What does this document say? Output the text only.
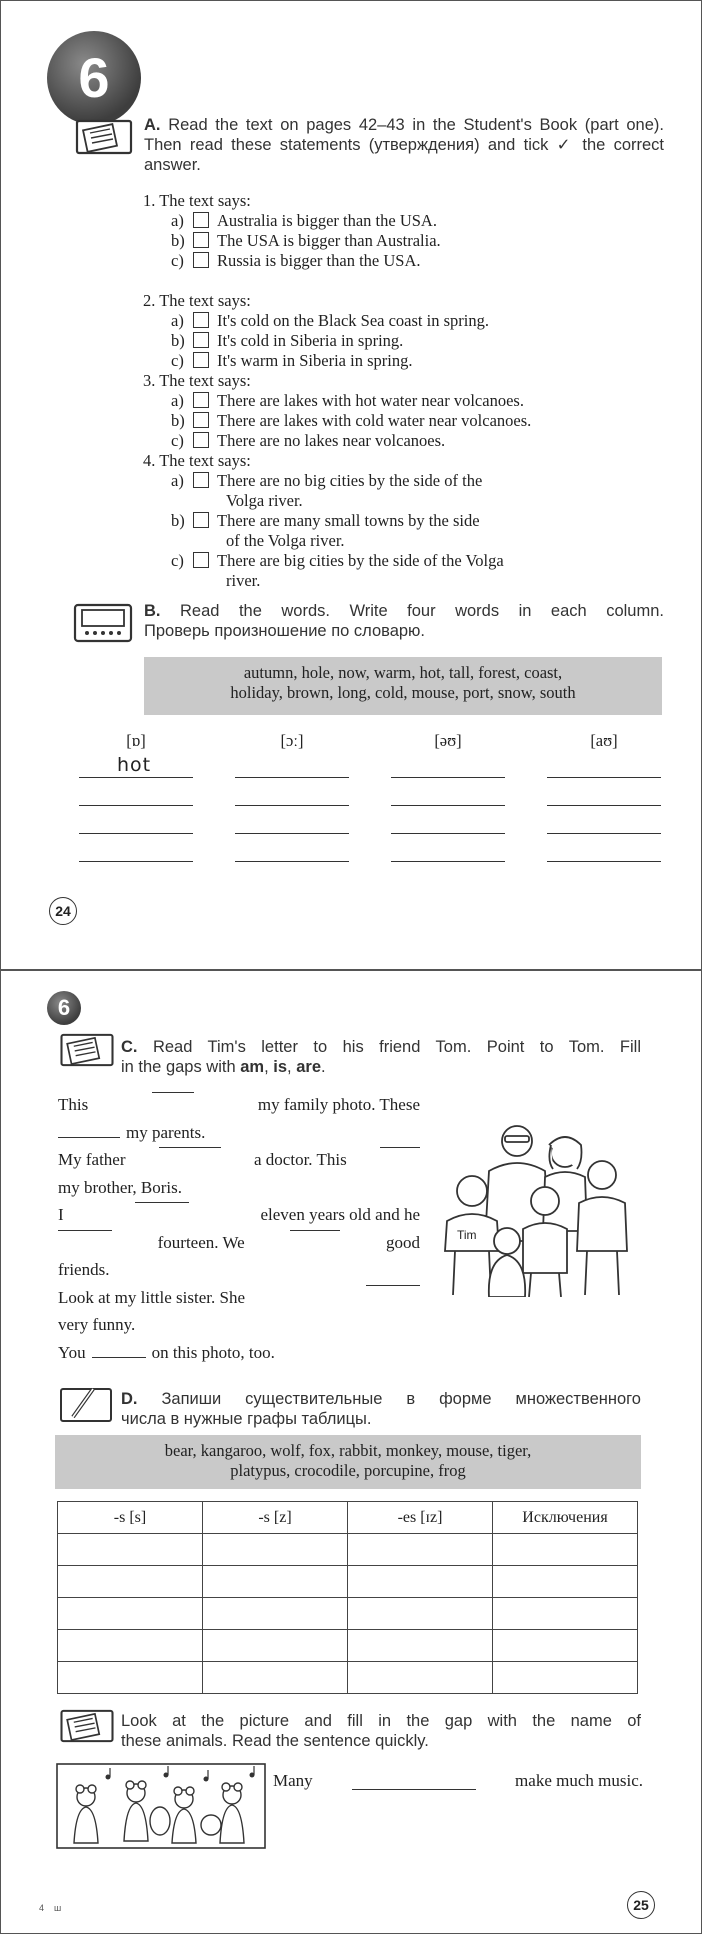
6
A. Read the text on pages 42–43 in the Student's Book (part one). Then read these statements (утверждения) and tick ✓ the correct answer.
1. The text says:
a) Australia is bigger than the USA.
b) The USA is bigger than Australia.
c) Russia is bigger than the USA.
2. The text says:
a) It's cold on the Black Sea coast in spring.
b) It's cold in Siberia in spring.
c) It's warm in Siberia in spring.
3. The text says:
a) There are lakes with hot water near volcanoes.
b) There are lakes with cold water near volcanoes.
c) There are no lakes near volcanoes.
4. The text says:
a) There are no big cities by the side of the
Volga river.
b) There are many small towns by the side
of the Volga river.
c) There are big cities by the side of the Volga
river.
B. Read the words. Write four words in each column.
Проверь произношение по словарю.
autumn, hole, now, warm, hot, tall, forest, coast,
holiday, brown, long, cold, mouse, port, snow, south
[ɒ]	[ɔː]	[əʊ]	[aʊ]
hot
24
6
C. Read Tim's letter to his friend Tom. Point to Tom. Fill
in the gaps with am, is, are.
This	my family photo. These
my parents.
My father	a doctor. This
my brother, Boris.
I	eleven years old and he
fourteen. We	good
friends.
Look at my little sister. She
very funny.
You	on this photo, too.
Tim
D. Запиши существительные в форме множественного
числа в нужные графы таблицы.
bear, kangaroo, wolf, fox, rabbit, monkey, mouse, tiger,
platypus, crocodile, porcupine, frog
-s [s]	-s [z]	-es [ɪz]	Исключения

Look at the picture and fill in the gap with the name of
these animals. Read the sentence quickly.
Many	make much music.
4 ш	25
